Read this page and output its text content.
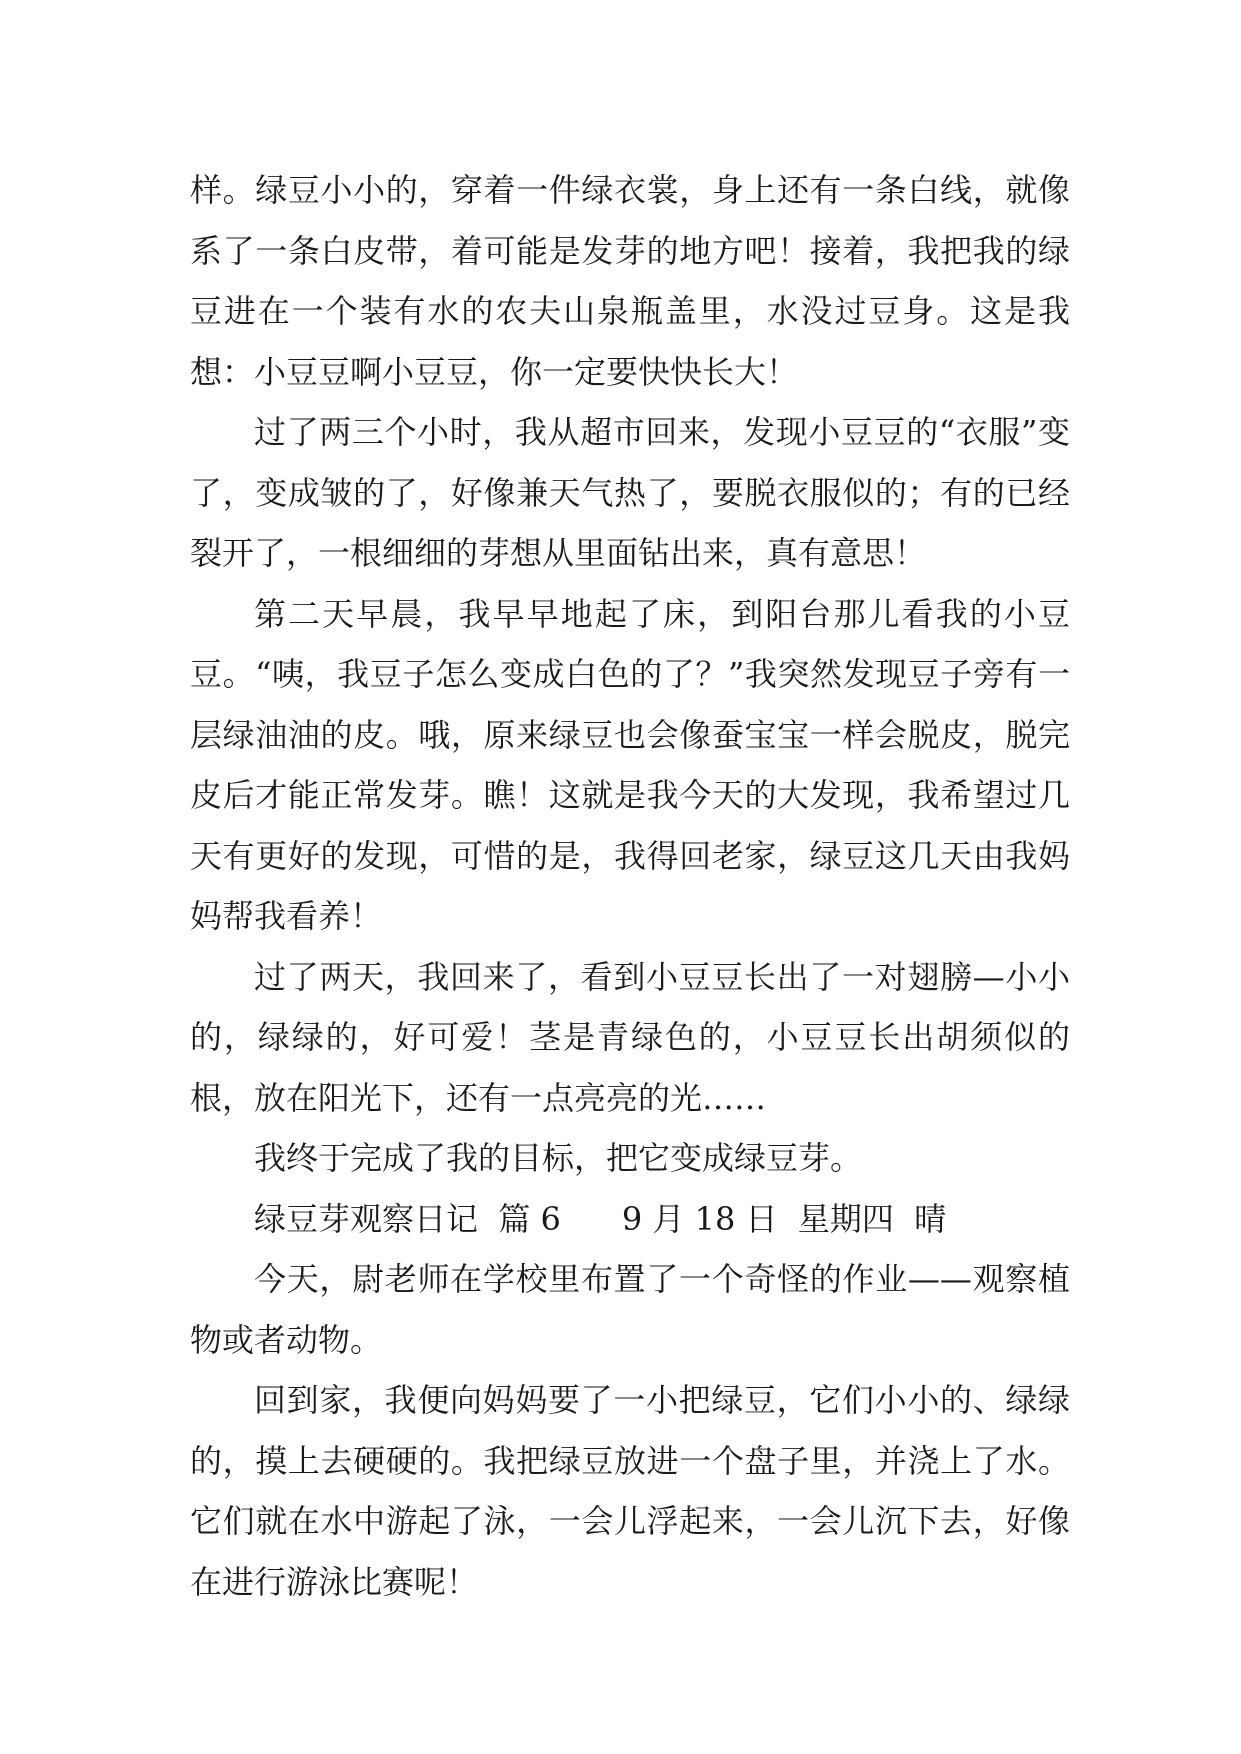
样。绿豆小小的，穿着一件绿衣裳，身上还有一条白线，就像系了一条白皮带，着可能是发芽的地方吧！接着，我把我的绿豆进在一个装有水的农夫山泉瓶盖里，水没过豆身。这是我想：小豆豆啊小豆豆，你一定要快快长大！

过了两三个小时，我从超市回来，发现小豆豆的“衣服”变了，变成皱的了，好像兼天气热了，要脱衣服似的；有的已经裂开了，一根细细的芽想从里面钻出来，真有意思！

第二天早晨，我早早地起了床，到阳台那儿看我的小豆豆。“咦，我豆子怎么变成白色的了？”我突然发现豆子旁有一层绿油油的皮。哦，原来绿豆也会像蚕宝宝一样会脱皮，脱完皮后才能正常发芽。瞧！这就是我今天的大发现，我希望过几天有更好的发现，可惜的是，我得回老家，绿豆这几天由我妈妈帮我看养！

过了两天，我回来了，看到小豆豆长出了一对翅膀—小小的，绿绿的，好可爱！茎是青绿色的，小豆豆长出胡须似的根，放在阳光下，还有一点亮亮的光……

我终于完成了我的目标，把它变成绿豆芽。

绿豆芽观察日记  篇 6      9 月 18 日  星期四  晴

今天，尉老师在学校里布置了一个奇怪的作业——观察植物或者动物。

回到家，我便向妈妈要了一小把绿豆，它们小小的、绿绿的，摸上去硬硬的。我把绿豆放进一个盘子里，并浇上了水。它们就在水中游起了泳，一会儿浮起来，一会儿沉下去，好像在进行游泳比赛呢！
